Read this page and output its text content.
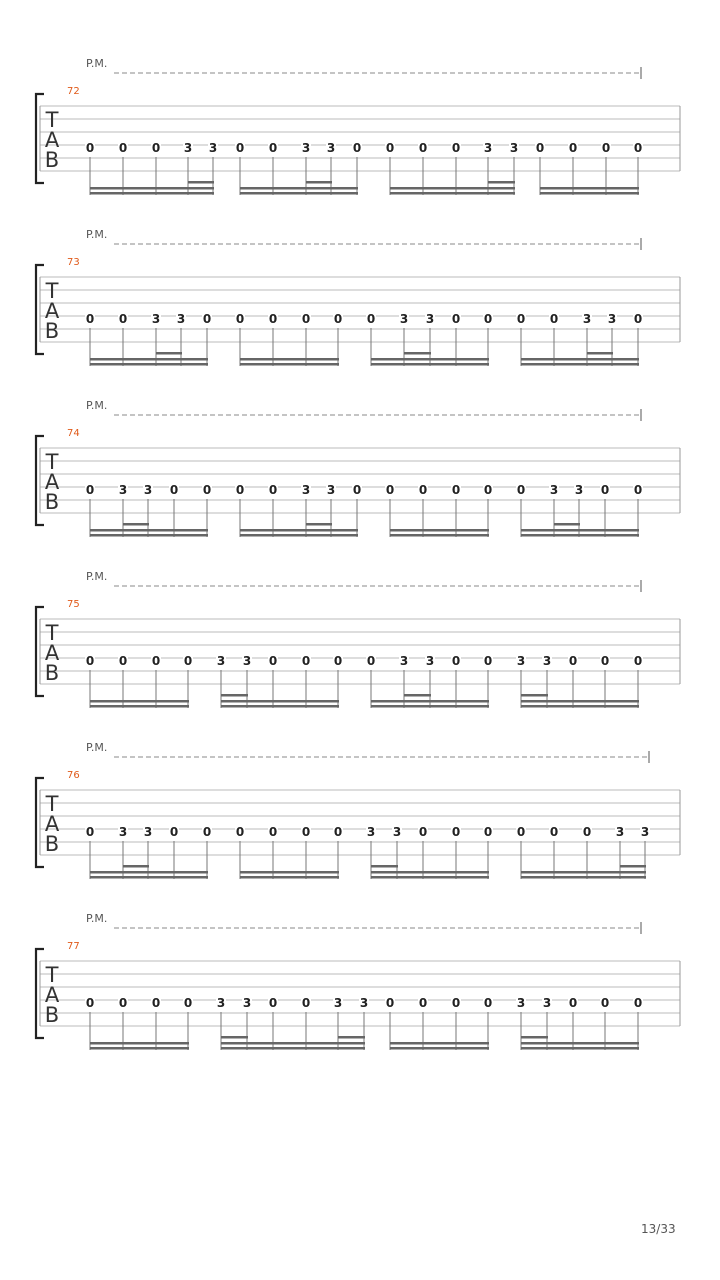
P.M.
72
T
A
B 0 0 0 3 3 0 0 3 3 0 0 0 0 3 3 0 0 0 0
P.M.
73
T
A
B 0 0 3 3 0 0 0 0 0 0 3 3 0 0 0 0 3 3 0
P.M.
74
T
A
B 0 3 3 0 0 0 0 3 3 0 0 0 0 0 0 3 3 0 0
P.M.
75
T
A
B 0 0 0 0 3 3 0 0 0 0 3 3 0 0 3 3 0 0 0
P.M.
76
T
A
B 0 3 3 0 0 0 0 0 0 3 3 0 0 0 0 0 0 3 3
P.M.
77
T
A
B 0 0 0 0 3 3 0 0 3 3 0 0 0 0 3 3 0 0 0
13/33
